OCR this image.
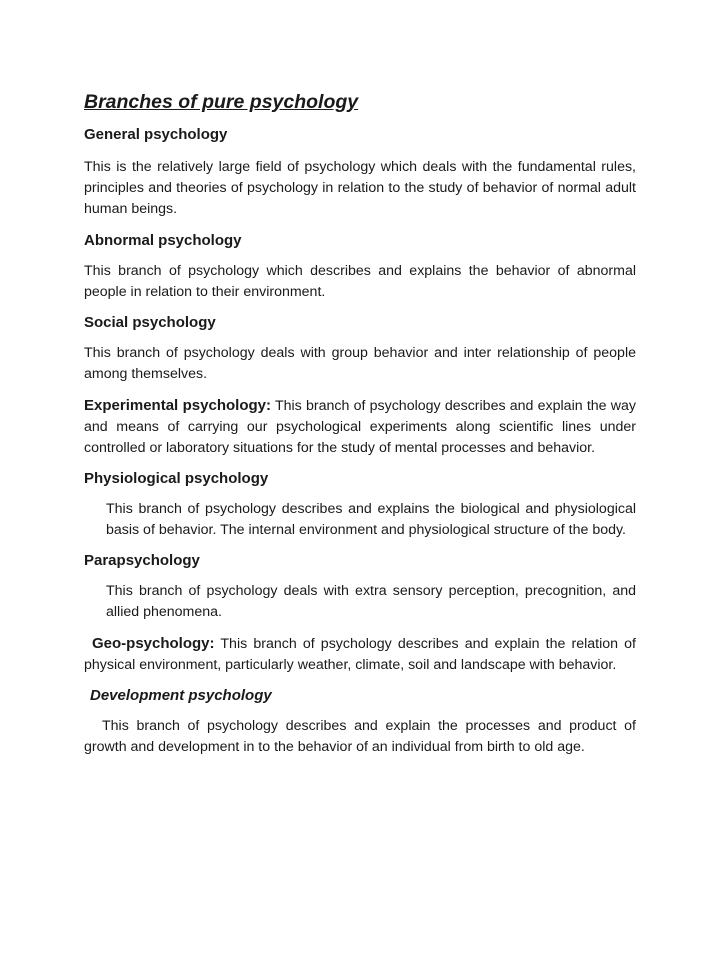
Branches of pure psychology
General psychology

This is the relatively large field of psychology which deals with the fundamental rules, principles and theories of psychology in relation to the study of behavior of normal adult human beings.

Abnormal psychology

This branch of psychology which describes and explains the behavior of abnormal people in relation to their environment.

Social psychology

This branch of psychology deals with group behavior and inter relationship of people among themselves.

Experimental psychology: This branch of psychology describes and explain the way and means of carrying our psychological experiments along scientific lines under controlled or laboratory situations for the study of mental processes and behavior.

Physiological psychology

This branch of psychology describes and explains the biological and physiological basis of behavior. The internal environment and physiological structure of the body.

Parapsychology

This branch of psychology deals with extra sensory perception, precognition, and allied phenomena.

Geo-psychology: This branch of psychology describes and explain the relation of physical environment, particularly weather, climate, soil and landscape with behavior.

Development psychology

This branch of psychology describes and explain the processes and product of growth and development in to the behavior of an individual from birth to old age.
